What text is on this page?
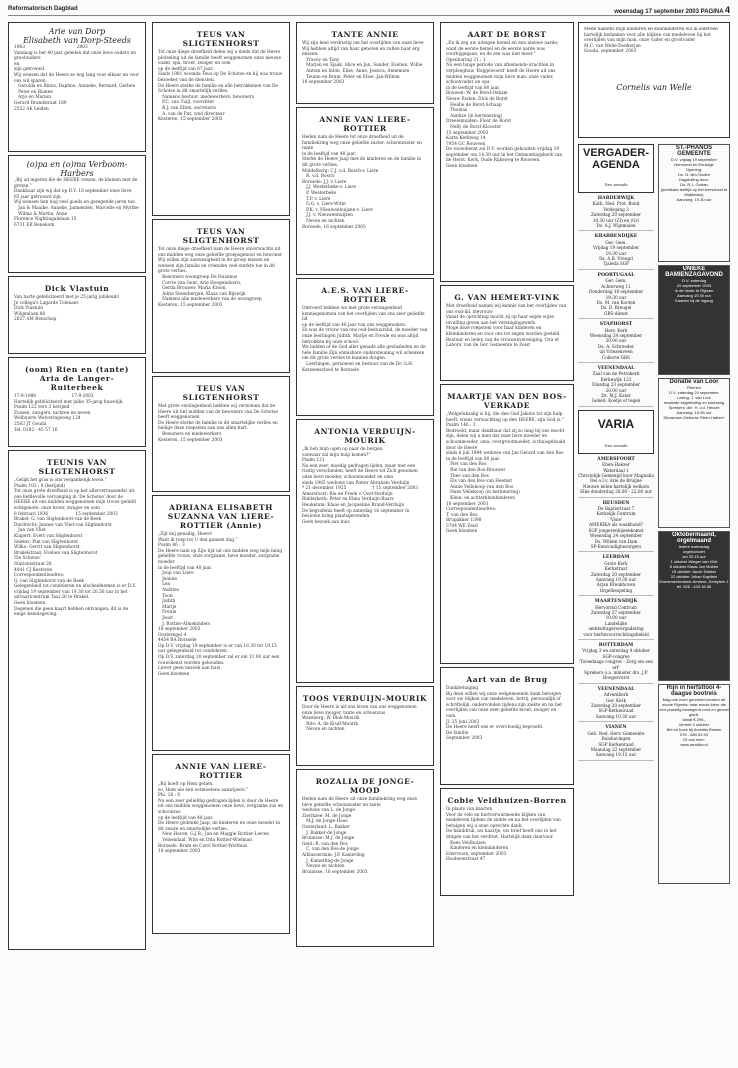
Reformatorisch Dagblad	woensdag 17 september 2003 PAGINA 4
Arie van Dorp
Elisabeth van Dorp-Steeds
1963                                      2003
Vandaag is het 40 jaar geleden dat onze lieve ouders en grootouders
en
zijn getrouwd.
Wij wensen dat de Heere ze nog lang voor elkaar en voor ons wil sparen.
Gerolda en Rinus, Daphne, Annieke, Bernard, Gerben
Peter en Rianne
Arjo en Marion
Gerard Brandstraat 189
2552 AK Leiden
(o)pa en (o)ma Verboom-Harbers
„Bij ud ingeren die de HEERE vrezen, de kleinen met de groten.”
Dankbaar zijn wij dat op D.V. 18 september onze lieve
65 jaar getrouwd zijn.
Wij wensen hen nog veel goeds en gezegende jaren toe.
Jan & Maaike, Anneke, Jannemien, Marcelle en Myrthe
Wilma & Martin, Anne
Florence Nightingalelaan 15
6731 EK Benekom
Dick Vlastuin
Van harte gefeliciteerd met je 25-jarig jubileum!
Je collega's Lagarde Tolenaes
Dick Vlastuin
Wilgenlaan 80
2827 AM Benschop
(oom) Rien en (tante) Aria de Langer-Ruiterbeek
17-9-1988                          17-9-2003
Hartelijk gefeliciteerd met jullie 35-jarig huwelijk.
Psalm 122 vers 3 berijmd
Zussen, zwagers, nichten en neven
Welbuurte Welveringsweg 124
2563 JT Gouda
Tel. 0182 - 45 57 16
TEUNIS VAN SLIGTENHORST
„Gelijk het gras is ons vergankelijk leven.”
Psalm 103 : 8 (berijmd)
Tot onze grote droefheid is op het allerverrassendst uit ons liefdevolle vervanging in 'De Schotse' door de HEERE uit ons midden weggenomen mijn trouw geliefd echtgenote, onze broer, zwager en oom
8 februari 1936                    15 september 2003
Brakel: G. van Sligtenhorst-van de Beek
Dordrecht: Jannes van Vliet-van Sligtenhorst
Jan van Vliet
Klapert: Evert van Sligtenhorst
Sneker: Pim van Sligtenhorst
Wilko: Gerrit van Sligtenhorst
Brakelstraat: Evelien van Sligtenhorst
'De Schotse'
Stationsstraat 28
4041 CJ Kesteren
Correspondentieadres:
G. van Sligtenhorst-van de Beek
Gelegenheid tot condoleren en afscheidnemen is er D.V. vrijdag 19 september van 19.30 tot 20.30 uur in het uitvaartcentrum Taai 26 te Brakel.
Geen bloemen
Degenen die geen kaart hebben ontvangen, dit is de enige kennisgeving.
TEUS VAN SLIGTENHORST
Tot onze diepe droefheid delen wij u mede dat de Heere plotseling uit de familie heeft weggenomen onze nieuwe vader, opa, broer, zwager en oom
op de leeftijd van 67 jaar.
Sinds 1981 woonde Teus op De Schotse en hij was trouw bezoeker van de diensten.
De Heere sterke de familie en alle betrokkenen van De Schotse in dit smartelijk verlies.
Namens bestuur, medewerkers, bewoners
P.C. van Tuijl, voorzitter
B.J. van Elten, secretaris
A. van de Put, wnd directeur
Kesteren, 15 september 2003
TEUS VAN SLIGTENHORST
Tot onze diepe droefheid nam de Heere onverwachts uit ons midden weg onze geliefde groepsgenoot en bewoner
Wij willen zijn aanwezigheid in de groep missen en wensen zijn familie en vrienden veel sterkte toe in dit grote verlies.
Bewoners woongroep De Huismus
Corrie van Gent, Arie Hoogendoorn,
Gerda Brouwer, Maria Kroon,
Adrie Steenbergen, Klaas van Rijswijk
Namens alle medewerkers van de woongroep
Kesteren, 15 september 2003
TEUS VAN SLIGTENHORST
Met grote verslagenheid hebben wij vernomen dat de Heere uit het midden van de bewoners van De Schotse heeft weggenomen
De Heere sterke de familie in dit smartelijke verlies en heilige deze roepstem aan ons allen hart.
Bewoners en medewerkers
Kesteren, 15 september 2003
ADRIANA ELISABETH SUZANNA VAN LIERE-ROTTIER (Annie)
„Zijt mij genadig, Heere!
Want ik roep tot U den gansen dag.”
Psalm 86 : 3
De Heere nam op Zijn tijd uit ons midden weg mijn innig geliefde vrouw, onze zorgzame, lieve moeder, zorgzame moeder
in de leeftijd van 48 jaar.
Joop van Liere
Jeanne
Lea
Andries
Toon
Judith
Marije
Freule
Joost
J. Rottier-Almekinders
18 september 2003
Oosterngel 4
4454 BA Borssele
Op D.V. vrijdag 19 september is er van 18.30 tot 19.15 uur gelegenheid tot condoleren.
Op D.V. zaterdag 20 september zal er om 11.00 uur een rouwdienst worden gehouden.
Liever geen bezoek aan huis
Geen bloemen
ANNIE VAN LIERE-ROTTIER
„Bij hoeft op Hem getien,
zo, Hem nie een ootmoetens aanwijzers.”
Phi. 26 : 6
Nu een zeer geliefdig gedragen lijden is door de Heere uit ons midden weggenomen onze lieve, zorgzame zus en schoonzus
op de leeftijd van 48 jaar.
De Heere gedenke Jaap, de kinderen en onze moeder in dit zware en smartelijke verlies.
New Haven  G.J.B.; Jan en Maggie Rottier-Lieven
Velsendaal  Wim en Dita Rottier-Wielman
Borssele  Bram en Corri Rottier-Wolthuis
18 september 2003
TANTE ANNIE
Wij zijn heel verdrietig om het overlijden van onze lieve
Wij hebben altijd van haar genoten en zullen haar erg missen.
Tracey en Tony
Marjon en Sjaak, Alice en Jan, Sander, Evelien, Willie
Antoin en Inbie, Elise, Anne, Jessica, Annemien
Teunie en Bram, Peter en Elise, Jan-Willem
16 september 2003
ANNIE VAN LIERE-ROTTIER
Heden nam de Heere tot onze droefheid uit de familiekring weg onze geliefde zuster, schoonzuster en tante
in de leeftijd van 48 jaar.
Sterke de Heere Jaap met de kinderen en de familie in dit grote verlies.
Middelburg: C.J. v.d. Bosch-v. Liere
R. v.d. Bosch
Borssele: J.J. v. Liere
J.J. Westerbeke-v. Liere
P. Westerbeke
T.P. v. Liere
G.G. v. Liere-Witte
P.K. v. Nieuwenhuijzen-v. Liere
J.J. v. Nieuwenhuijzen
Neven en nichten
Borssele, 16 september 2003
A.E.S. VAN LIERE-ROTTIER
Ontroerd hebben we met grote verslagenheid kennisgenomen van het overlijden van ons zeer geliefde lid
op de leeftijd van 48 jaar van ons weggenomen.
Ze was de vrouw van ons oud-bestuurslid, de moeder van onze leerlingen Judith, Marije en Freule en was altijd betrokken bij onze school.
We bidden of de God aller genade alle gezinsleden en de hele familie Zijn onmisbare ondersteuning wil schenken om dit grote verlies te kunnen dragen.
Leerlingen, personeel en bestuur van de Dr. G.H. Kerssenschool te Borssele
ANTONIA VERDUIJN-MOURIK
„Ik heb mijn ogen op naar de bergen,
vanwaar zal mijn hulp komen?”
Psalm 121
Na een zeer, moedig gedragen lijden, maar met een rustig verscheiden, heeft de Heere tot Zich genomen onze lieve moeder, schoonmoeder en oma
sinds 1985 weduwe van Pieter Abraham Verduijn
* 21 december 1925                   † 15 september 2003
Amersfoort: Ria en Freek v. Oort-Verduijn
Ridderkerk: Peter en Elma Verduijn-Baars
Heukelum: Klaas en Jacqueline Brand-Verduijn
De begrafenis heeft op zaterdag 16 september in besloten kring plaatsgevonden.
Geen bezoek aan huis
TOOS VERDUIJN-MOURIK
Door de Heere is uit ons leven van ons weggenomen onze lieve zwager, tante en schoonzus
Wezeberg: W. Blok-Mourik
Rits: A. de Kruif-Mourik
Neven en nichten
ROZALIA DE JONGE-MOOD
Heden nam de Heere uit onze familiekring weg onze lieve geliefde schoonzuster en tante
weduwe van L. de Jonge
Zierikzee: M. de Jonge
M.J. de Jonge-Haas
Oosterland: L. Bakker
J. Bakker-de Jonge
Bruinisse: M.J. de Jonge
Gent: R. van den Bos
C. van den Bos-de Jonge
Alblasserdam: J.P. Kamerling
J. Kamerling-de Jonge
Neven en nichten
Bruinisse, 16 september 2003
AART DE BORST
„En ik zeg uw uiteigen hemel en een nieuwe aarde; want de eerste hemel en de eerste aarde was voorbijgegaan, en de zee was niet meer.”
Openbaring 21 : 1
Nu een lange periode van afnemende krachten in verpleeghuis 'Roggewoord' heeft de Heere uit ons midden weggenomen mijn lieve man, onze vader, schoonvader en opa
in de leeftijd van 80 jaar.
Rouwen: W. de Borst-Oskam
Nieuw Roden: Dick de Borst
Heidie de Borst-Schaap
Thomas
Annlize (in herinnering)
Dreelemuiden: Floor de Borst
Nelly de Borst-Klooster
15 september 2003
Karte Kerkweg 14
7954 GC Rouveen
De rouwdienst zal D.V. worden gehouden vrijdag 19 september om 14.30 uur in het Ontmoetingskerk van de Herst. Kerk, Oude Rijksweg te Rouveen.
Geen bloemen
G. VAN HEMERT-VINK
Met droefheid namen wij kennis van het overlijden van ons oud-lid, mevrouw
Vanaf de oprichting mocht zij op haar eigen wijze invulling geven aan het verenigingswerk.
Moge deze roepstem voor haar kinderen en kleinkinderen en voor ons tot zegen worden gesteld.
Bestuur en leden van de vrouwenvereniging 'Ora et Labora' van de Ger. Gemeente te Zeist
MAARTJE VAN DEN BOS-VERKADE
„Welgelukzalig is hij, die den God Jakobs tot zijn hulp heeft, wiens verwachting op den HEERE, zijn God is.”
Psalm 146 : 3
Bedroefd, maar dankbaar dat zij zo lang bij ons mocht zijn, delen wij u mee dat onze lieve moeder en schoonmoeder, oma, overgrootmoeder, is thuisgehaald door de Heere
sinds 8 juli 1994 weduwe van Jan Gerard van den Bos
in de leeftijd van 80 jaar.
Piet van den Bos
Rie van den Bos-Brouwer
Theo van den Bos
Els van den Bos-van Heemst
Annie Vellekoop-van den Bos
Hans Vellekoop (in herinnering)
Klein- en achterkleinkinderen
18 september 2003
Correspondentieadres:
T. van den Bos
Brugakker 1398
3704 WE Zeist
Geen bloemen
Aart van de Brug
Dankbetuiging
Bij deze willen wij onze welgemeende dank betuigen voor uw blijken van medeleven, betrij, persoonlijk of schriftelijk, ondervonden tijdens zijn ziekte en na het overlijden van onze zeer geliefde broer, zwager en oom.
Jl. 25 juni 2003
De Heere heeft ons er overvloedig beproefd.
De familie
September 2003
Cobie Veldhuizen-Borren
In plaats van kaarten
Voor de vele en hartverwarmende blijken van medeleven tijdens de ziekte en na het overlijden van
betuigen wij u onze oprechte dank.
De handdruk, uw kaartje, uw brief heeft ons in het dragen van het verdriet. Hartelijk dank daarvoor.
Kees Veldhuizen
Kinderen en kleinkinderen
Edervoom, september 2003
Hoobeenstraat 47
Mede namens mijn kinderen en kleinkinderen wil ik iedereen hartelijk bedanken voor alle blijken van medeleven bij het overlijden van mijn man, onze vader en grootvader
M.C. van Welle-Donkerjan
Gouda, september 2003
Cornelis van Welle
VERGADER-AGENDA
Des avonds
HARDERWIJK
Kath. Ned. Prot. Bond
Verkoping 2
Zaterdag 20 september
10.30 uur (ZI) en (Gr)
Ds. A.J. Wijnmalen
KRABBENDIJKE
Ger. Gem.
Vrijdag 19 september
19.30 uur
Ds. A.B. Vreugd
Tjaleda SGP
POORTUGAAL
Ger. Gem.
Achterweg 11
Donderdag 18 september
19.30 uur
Ds. M. van Kooten
Ds. D. Breugel
GBS-dienst
STAPHORST
Herv. Kerk
Woensdag 24 september
20.00 uur
Ds. A. Schroeder
uit Vriezenveen
Collecte GBS
VEENENDAAL
Zaal van de Petrakerk
Kerkewijk 123
Dinsdag 23 september
20.00 uur
Ds. M.J. Kater
Gebed: Koetje of tegen
VARIA
Des avonds
AMERSFOORT
Eben-Haëzer
Waterdaal 1
Christelijk Gemengd koor Magnalia Dei o.l.v. Arie de Bruijne
Nieuwe leden hartelijk welkom
Elke donderdag 20.00 - 22.00 uur
HEUSDEN
De Baptisttraat 7
Kerkelijk Centrum
'Visie'
AMERIKA als waakhond?
SGP jongerenbijeenkomst
Woensdag 24 september
Ds. Willem van Dam
SP-Eenvoudigbezorgers
LEERDAM
Grote Kerk
Kerkstraat
Zaterdag 20 september
Aanvang 19.30 uur
Arjan Breukhoven
Orgelbespeling
MAARTENSDIJK
Hervormd Centrum
Zaterdag 27 september
10.00 uur
Landelijke ambtsdragersvergadering
voor herbevoorrechtingsbeleid
ROTTERDAM
Vrijdag 3 en zaterdag 4 oktober
SGP-congres
'Tweedaags congres - Zorg om een erf'
Sprekers o.a. minister drs. J.P. Hoogervorst
VEENENDAAL
Adventkerk
Ger. Kerk
Zaterdag 20 september
SGP-Kerkenraad
Aanvang 10.30 uur
VIANEN
Geb. Ned. Herv. Gemeente
Bulshavingen
SGP Kerkenraad
Maandag 22 september
Aanvang 19.15 uur
ST.-PHANOS GEMEENTE
D.V. vrijdag 19 september
Hervormd en Eeuwige
Opening:
Ds. N. den Ouden
Dagsluiting door:
Ds. R.J. Gortan
(predikant-leeftijd op het leerschool te Middelaar)
Aanvang: 19.30 uur
UNIEKE BAMIENZAGAVOND
D.V. zaterdag
20 september 2003
In de Veste te Rijssen
Aanvang 19.30 uur
Kaarten bij de ingang
Donatie van Loor
Rhenen
D.V. zaterdag 20 september
Lezing: J. van Loor
muzikale begeleiding en koorzang
Sprekers: dhr. H. v.d. Heuvel
Aanvang: 19.45 uur
Showroom Gebouw 'Eben-Haëzer'
Oktobermaand, orgelmaand
iedere woensdag
orgelconcert
om 20.15 uur
1 oktober Wieger van Vliet
8 oktober Klaas Jan Mulder
15 oktober Jacob Dekker
22 oktober Johan Kapitein
Evenementenkerk Arnhem, Kerkplein 1
tel. 026 - 443 16 66
Rijn in herfsttooi 4-daagse bootreis
Mag ook even genoemd worden de mooie Rijnreis: haar mooie kleur die een prachtig bewegend rond en gevoel geeft.
Vanaf € 299,-
Vertrek 4 oktober
Bel en boek bij Amicitia Reizen
078 - 684 53 53
Of ook neer:
www.amicitia.nl
